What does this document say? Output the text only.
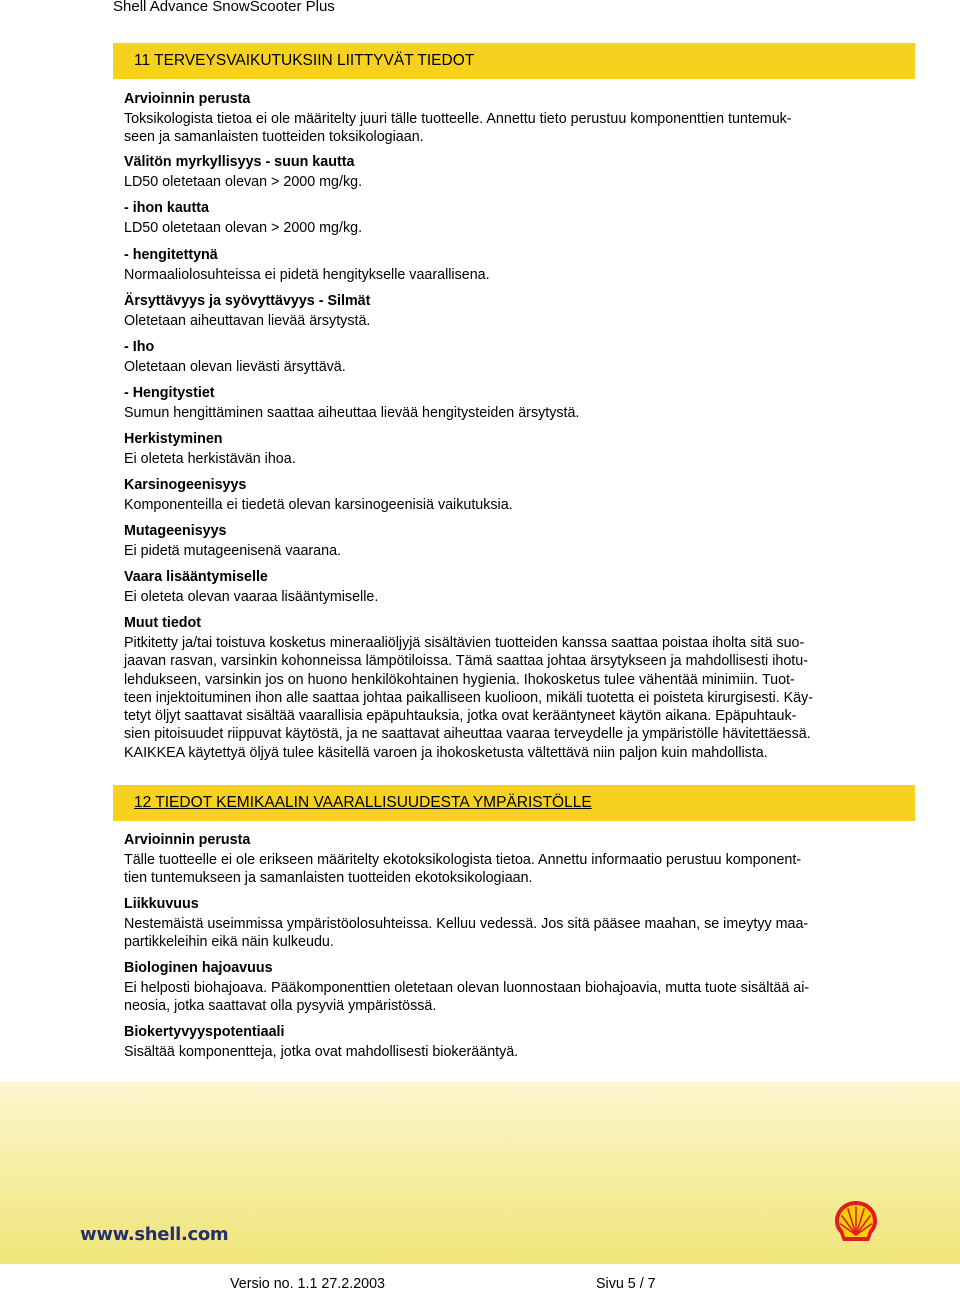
Shell Advance SnowScooter Plus
11 TERVEYSVAIKUTUKSIIN LIITTYVÄT TIEDOT
Arvioinnin perusta
Toksikologista tietoa ei ole määritelty juuri tälle tuotteelle. Annettu tieto perustuu komponenttien tuntemuk-
seen ja samanlaisten tuotteiden toksikologiaan.
Välitön myrkyllisyys - suun kautta
LD50 oletetaan olevan > 2000 mg/kg.
- ihon kautta
LD50 oletetaan olevan > 2000 mg/kg.
- hengitettynä
Normaaliolosuhteissa ei pidetä hengitykselle vaarallisena.
Ärsyttävyys ja syövyttävyys - Silmät
Oletetaan aiheuttavan lievää ärsytystä.
- Iho
Oletetaan olevan lievästi ärsyttävä.
- Hengitystiet
Sumun hengittäminen saattaa aiheuttaa lievää hengitysteiden ärsytystä.
Herkistyminen
Ei oleteta herkistävän ihoa.
Karsinogeenisyys
Komponenteilla ei tiedetä olevan karsinogeenisiä vaikutuksia.
Mutageenisyys
Ei pidetä mutageenisenä vaarana.
Vaara lisääntymiselle
Ei oleteta olevan vaaraa lisääntymiselle.
Muut tiedot
Pitkitetty ja/tai toistuva kosketus mineraaliöljyjä sisältävien tuotteiden kanssa saattaa poistaa iholta sitä suo-
jaavan rasvan, varsinkin kohonneissa lämpötiloissa. Tämä saattaa johtaa ärsytykseen ja mahdollisesti ihotu-
lehdukseen, varsinkin jos on huono henkilökohtainen hygienia. Ihokosketus tulee vähentää minimiin. Tuot-
teen injektoituminen ihon alle saattaa johtaa paikalliseen kuolioon, mikäli tuotetta ei poisteta kirurgisesti. Käy-
tetyt öljyt saattavat sisältää vaarallisia epäpuhtauksia, jotka ovat kerääntyneet käytön aikana. Epäpuhtauk-
sien pitoisuudet riippuvat käytöstä, ja ne saattavat aiheuttaa vaaraa terveydelle ja ympäristölle hävitettäessä.
KAIKKEA käytettyä öljyä tulee käsitellä varoen ja ihokosketusta vältettävä niin paljon kuin mahdollista.
12 TIEDOT KEMIKAALIN VAARALLISUUDESTA YMPÄRISTÖLLE
Arvioinnin perusta
Tälle tuotteelle ei ole erikseen määritelty ekotoksikologista tietoa. Annettu informaatio perustuu komponent-
tien tuntemukseen ja samanlaisten tuotteiden ekotoksikologiaan.
Liikkuvuus
Nestemäistä useimmissa ympäristöolosuhteissa. Kelluu vedessä. Jos sitä pääsee maahan, se imeytyy maa-
partikkeleihin eikä näin kulkeudu.
Biologinen hajoavuus
Ei helposti biohajoava. Pääkomponenttien oletetaan olevan luonnostaan biohajoavia, mutta tuote sisältää ai-
neosia, jotka saattavat olla pysyviä ympäristössä.
Biokertyvyyspotentiaali
Sisältää komponentteja, jotka ovat mahdollisesti biokerääntyä.
www.shell.com
Versio no. 1.1 27.2.2003	Sivu 5 / 7
